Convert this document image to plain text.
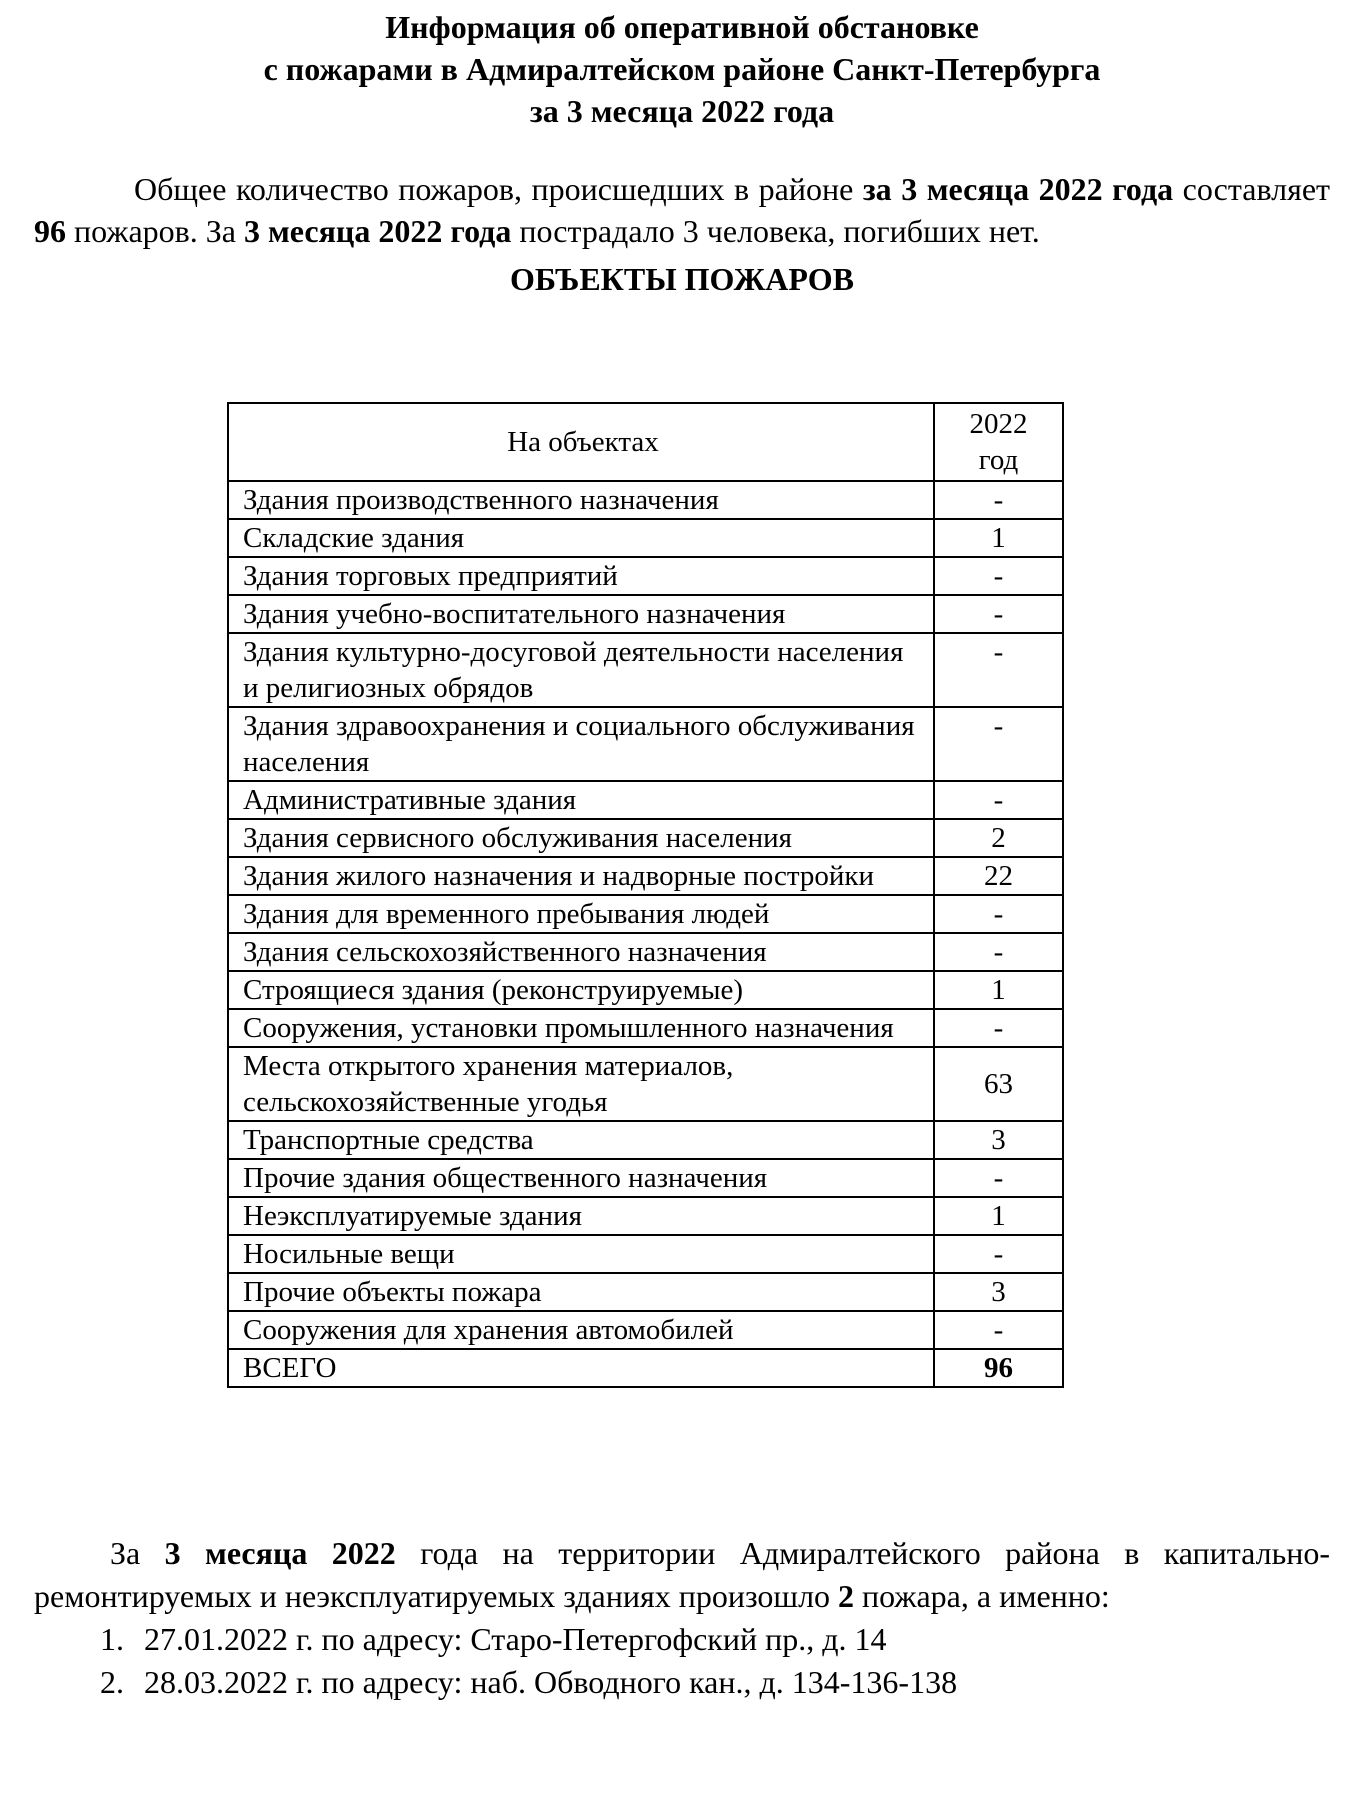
Информация об оперативной обстановке
с пожарами в Адмиралтейском районе Санкт-Петербурга
за 3 месяца 2022 года

Общее количество пожаров, происшедших в районе за 3 месяца 2022 года составляет 96 пожаров. За 3 месяца 2022 года пострадало 3 человека, погибших нет.

ОБЪЕКТЫ ПОЖАРОВ
На объектах	2022
год
Здания производственного назначения	-
Складские здания	1
Здания торговых предприятий	-
Здания учебно-воспитательного назначения	-
Здания культурно-досуговой деятельности населения и религиозных обрядов	-
Здания здравоохранения и социального обслуживания населения	-
Административные здания	-
Здания сервисного обслуживания населения	2
Здания жилого назначения и надворные постройки	22
Здания для временного пребывания людей	-
Здания сельскохозяйственного назначения	-
Строящиеся здания (реконструируемые)	1
Сооружения, установки промышленного назначения	-
Места открытого хранения материалов, сельскохозяйственные угодья	63
Транспортные средства	3
Прочие здания общественного назначения	-
Неэксплуатируемые здания	1
Носильные вещи	-
Прочие объекты пожара	3
Сооружения для хранения автомобилей	-
ВСЕГО	96

За 3 месяца 2022 года на территории Адмиралтейского района в капитально-ремонтируемых и неэксплуатируемых зданиях произошло 2 пожара, а именно:

1. 27.01.2022 г. по адресу: Старо-Петергофский пр., д. 14
2. 28.03.2022 г. по адресу: наб. Обводного кан., д. 134-136-138
